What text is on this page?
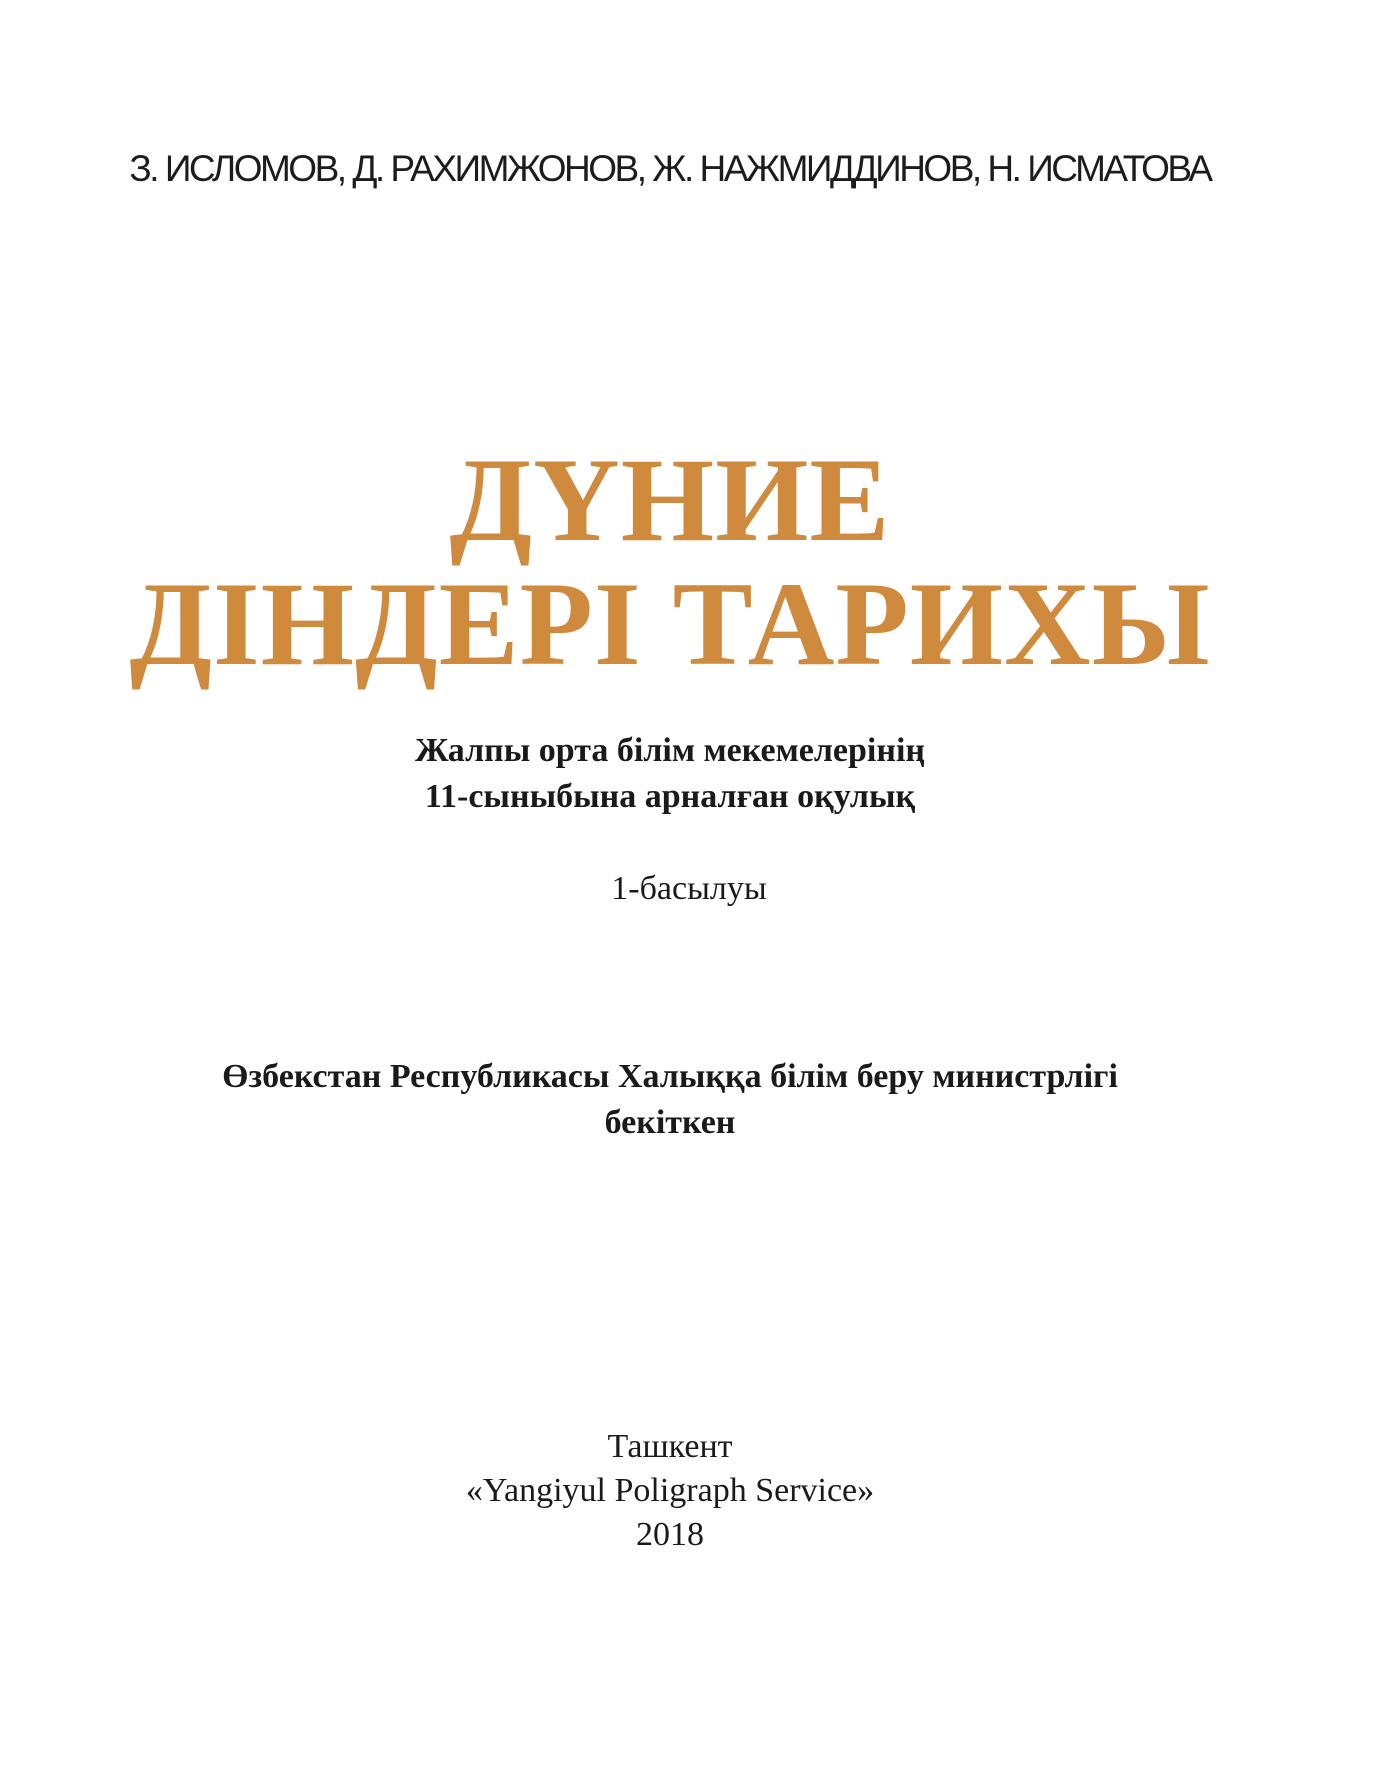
З. ИСЛОМОВ, Д. РАХИМЖОНОВ, Ж. НАЖМИДДИНОВ, Н. ИСМАТОВА
ДҮНИЕ
ДІНДЕРІ ТАРИХЫ
Жалпы орта білім мекемелерінің
11-сыныбына арналған оқулық
1-басылуы
Өзбекстан Республикасы Халыққа білім беру министрлігі
бекіткен
Ташкент
«Yangiyul Poligraph Service»
2018
